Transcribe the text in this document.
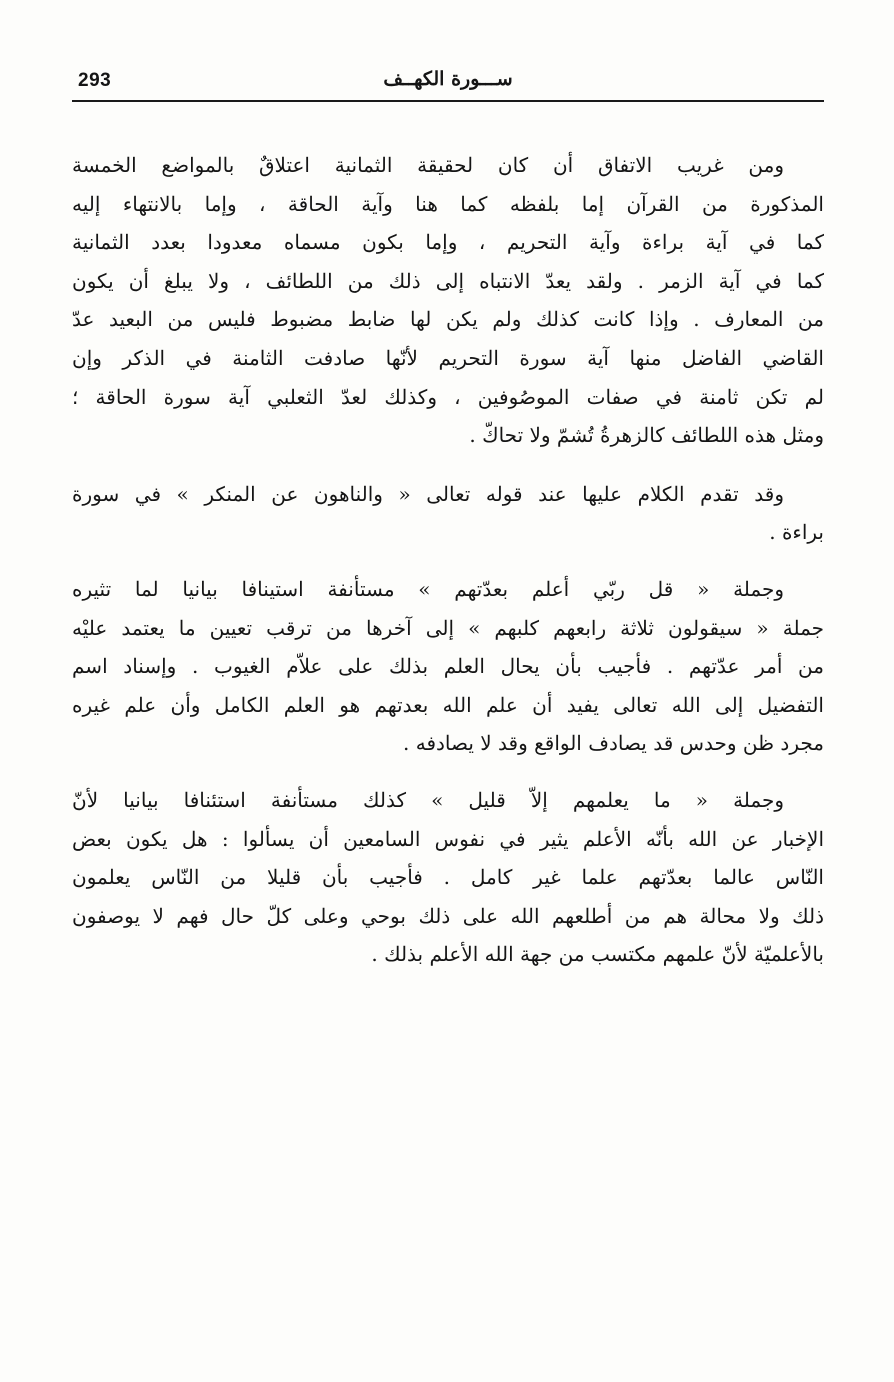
293	ســـورة الكهــف
ومن غريب الاتفاق أن كان لحقيقة الثمانية اعتلاقٌ بالمواضع الخمسة
المذكورة من القرآن إما بلفظه كما هنا وآية الحاقة ، وإما بالانتهاء إليه
كما في آية براءة وآية التحريم ، وإما بكون مسماه معدودا بعدد الثمانية
كما في آية الزمر . ولقد يعدّ الانتباه إلى ذلك من اللطائف ، ولا يبلغ أن يكون
من المعارف . وإذا كانت كذلك ولم يكن لها ضابط مضبوط فليس من البعيد عدّ
القاضي الفاضل منها آية سورة التحريم لأنّها صادفت الثامنة في الذكر وإن
لم تكن ثامنة في صفات الموصُوفين ، وكذلك لعدّ الثعلبي آية سورة الحاقة ؛
ومثل هذه اللطائف كالزهرةُ تُشمّ ولا تحاكّ .
وقد تقدم الكلام عليها عند قوله تعالى « والناهون عن المنكر » في سورة
براءة .
وجملة « قل ربّي أعلم بعدّتهم » مستأنفة استينافا بيانيا لما تثيره
جملة « سيقولون ثلاثة رابعهم كلبهم » إلى آخرها من ترقب تعيين ما يعتمد عليْه
من أمر عدّتهم . فأجيب بأن يحال العلم بذلك على علاّم الغيوب . وإسناد اسم
التفضيل إلى الله تعالى يفيد أن علم الله بعدتهم هو العلم الكامل وأن علم غيره
مجرد ظن وحدس قد يصادف الواقع وقد لا يصادفه .
وجملة « ما يعلمهم إلاّ قليل » كذلك مستأنفة استئنافا بيانيا لأنّ
الإخبار عن الله بأنّه الأعلم يثير في نفوس السامعين أن يسألوا : هل يكون بعض
النّاس عالما بعدّتهم علما غير كامل . فأجيب بأن قليلا من النّاس يعلمون
ذلك ولا محالة هم من أطلعهم الله على ذلك بوحي وعلى كلّ حال فهم لا يوصفون
بالأعلميّة لأنّ علمهم مكتسب من جهة الله الأعلم بذلك .
